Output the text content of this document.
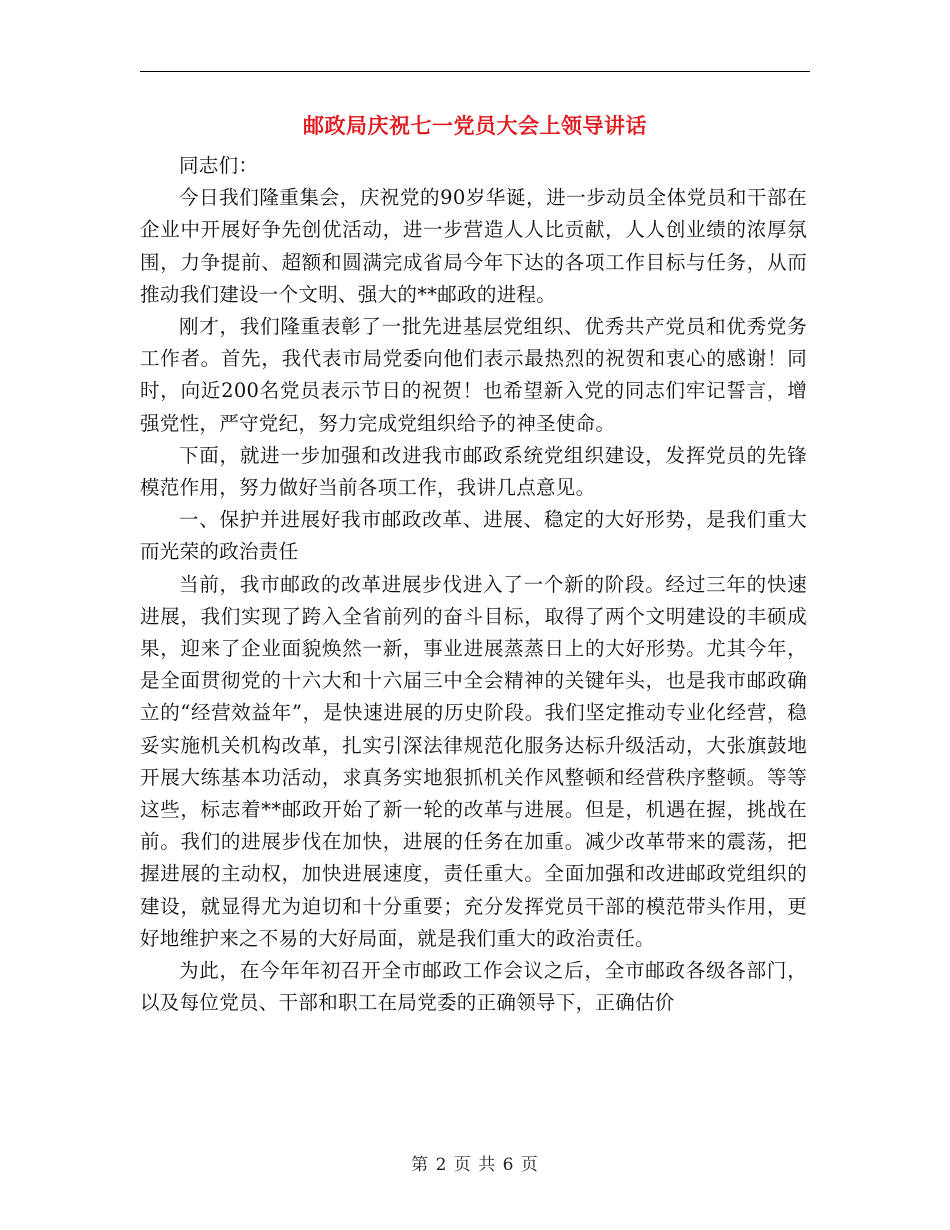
邮政局庆祝七一党员大会上领导讲话

同志们：

今日我们隆重集会，庆祝党的90岁华诞，进一步动员全体党员和干部在企业中开展好争先创优活动，进一步营造人人比贡献，人人创业绩的浓厚氛围，力争提前、超额和圆满完成省局今年下达的各项工作目标与任务，从而推动我们建设一个文明、强大的**邮政的进程。

刚才，我们隆重表彰了一批先进基层党组织、优秀共产党员和优秀党务工作者。首先，我代表市局党委向他们表示最热烈的祝贺和衷心的感谢！同时，向近200名党员表示节日的祝贺！也希望新入党的同志们牢记誓言，增强党性，严守党纪，努力完成党组织给予的神圣使命。

下面，就进一步加强和改进我市邮政系统党组织建设，发挥党员的先锋模范作用，努力做好当前各项工作，我讲几点意见。

一、保护并进展好我市邮政改革、进展、稳定的大好形势，是我们重大而光荣的政治责任

当前，我市邮政的改革进展步伐进入了一个新的阶段。经过三年的快速进展，我们实现了跨入全省前列的奋斗目标，取得了两个文明建设的丰硕成果，迎来了企业面貌焕然一新，事业进展蒸蒸日上的大好形势。尤其今年，是全面贯彻党的十六大和十六届三中全会精神的关键年头，也是我市邮政确立的“经营效益年”，是快速进展的历史阶段。我们坚定推动专业化经营，稳妥实施机关机构改革，扎实引深法律规范化服务达标升级活动，大张旗鼓地开展大练基本功活动，求真务实地狠抓机关作风整顿和经营秩序整顿。等等这些，标志着**邮政开始了新一轮的改革与进展。但是，机遇在握，挑战在前。我们的进展步伐在加快，进展的任务在加重。减少改革带来的震荡，把握进展的主动权，加快进展速度，责任重大。全面加强和改进邮政党组织的建设，就显得尤为迫切和十分重要；充分发挥党员干部的模范带头作用，更好地维护来之不易的大好局面，就是我们重大的政治责任。

为此，在今年年初召开全市邮政工作会议之后，全市邮政各级各部门，以及每位党员、干部和职工在局党委的正确领导下，正确估价

第 2 页 共 6 页
